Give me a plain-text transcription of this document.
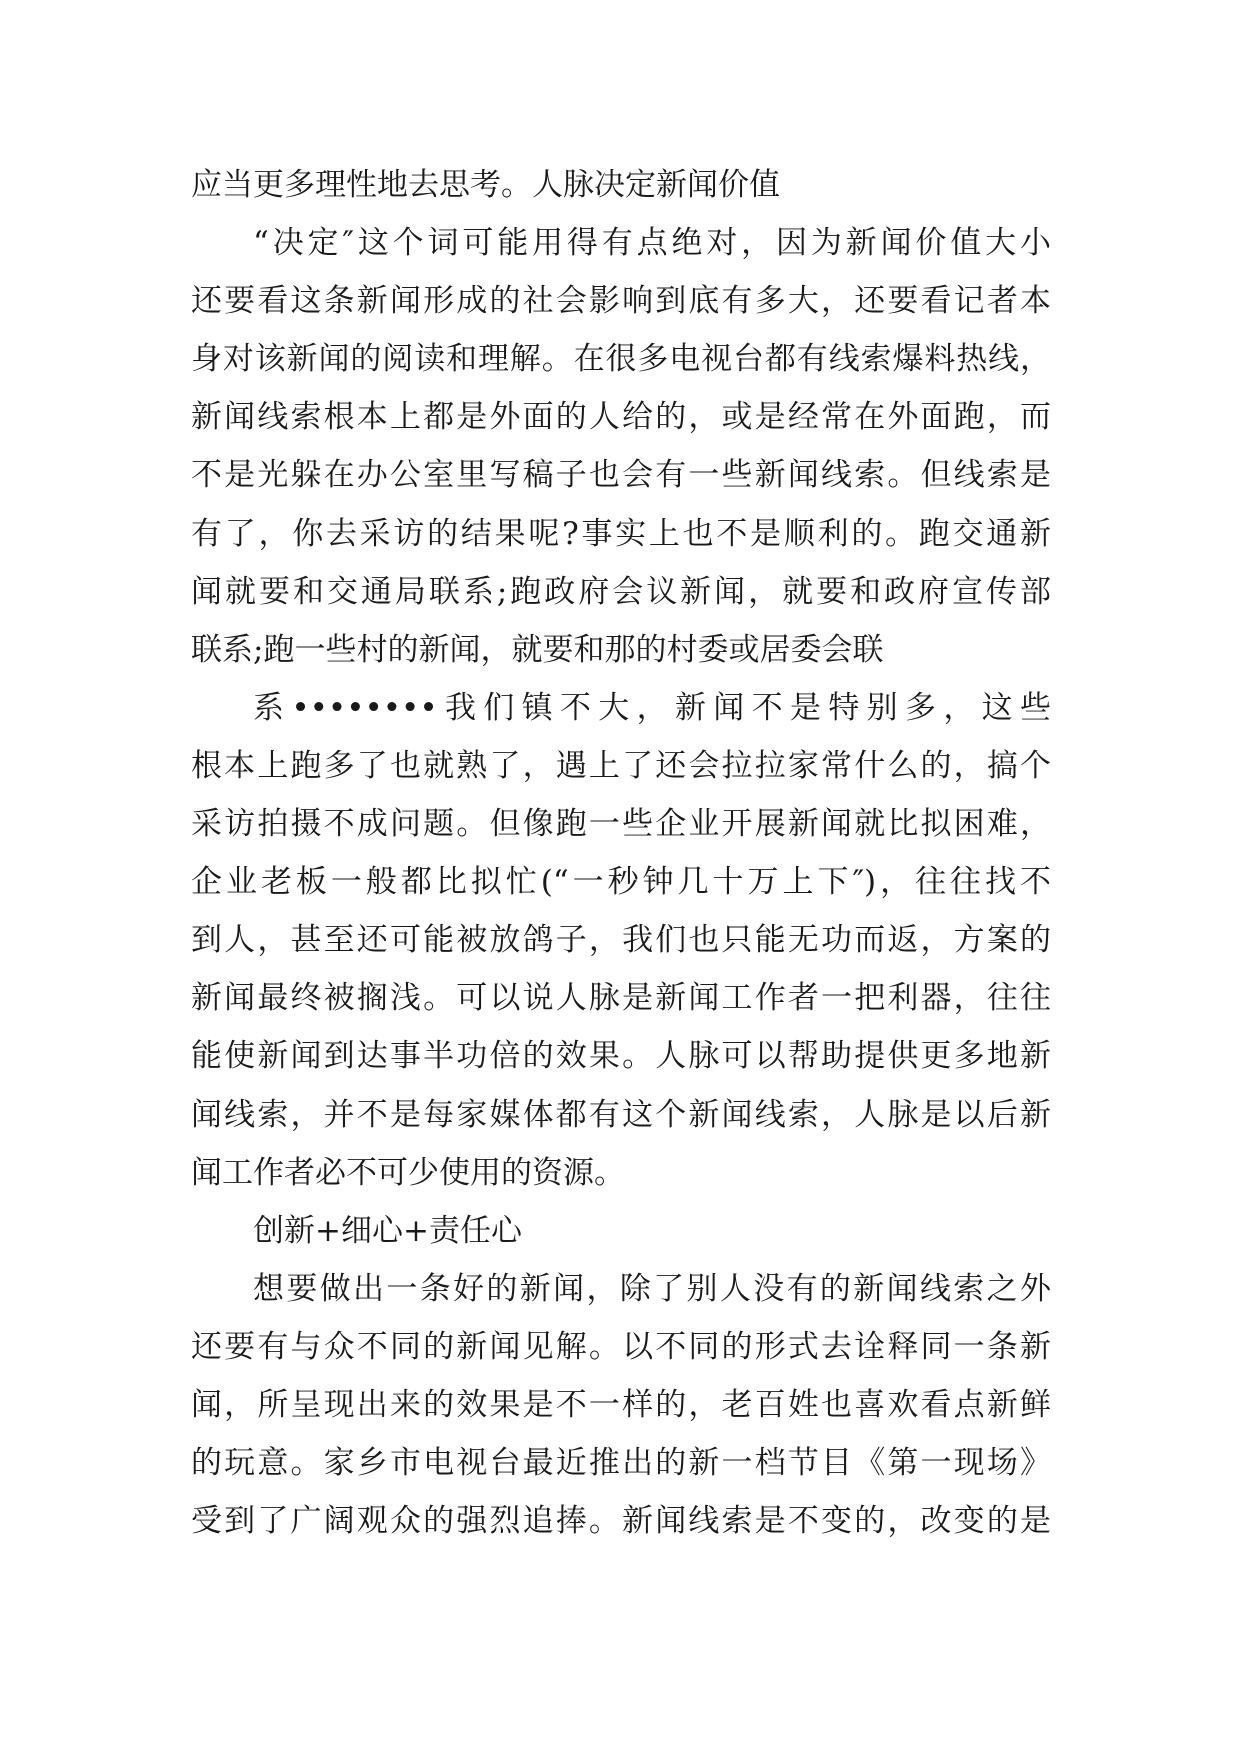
应当更多理性地去思考。人脉决定新闻价值
“决定″这个词可能用得有点绝对，因为新闻价值大小
还要看这条新闻形成的社会影响到底有多大，还要看记者本
身对该新闻的阅读和理解。在很多电视台都有线索爆料热线，
新闻线索根本上都是外面的人给的，或是经常在外面跑，而
不是光躲在办公室里写稿子也会有一些新闻线索。但线索是
有了，你去采访的结果呢?事实上也不是顺利的。跑交通新
闻就要和交通局联系;跑政府会议新闻，就要和政府宣传部
联系;跑一些村的新闻，就要和那的村委或居委会联
系••••••••我们镇不大，新闻不是特别多，这些
根本上跑多了也就熟了，遇上了还会拉拉家常什么的，搞个
采访拍摄不成问题。但像跑一些企业开展新闻就比拟困难，
企业老板一般都比拟忙(“一秒钟几十万上下″)，往往找不
到人，甚至还可能被放鸽子，我们也只能无功而返，方案的
新闻最终被搁浅。可以说人脉是新闻工作者一把利器，往往
能使新闻到达事半功倍的效果。人脉可以帮助提供更多地新
闻线索，并不是每家媒体都有这个新闻线索，人脉是以后新
闻工作者必不可少使用的资源。
创新+细心+责任心
想要做出一条好的新闻，除了别人没有的新闻线索之外
还要有与众不同的新闻见解。以不同的形式去诠释同一条新
闻，所呈现出来的效果是不一样的，老百姓也喜欢看点新鲜
的玩意。家乡市电视台最近推出的新一档节目《第一现场》
受到了广阔观众的强烈追捧。新闻线索是不变的，改变的是
